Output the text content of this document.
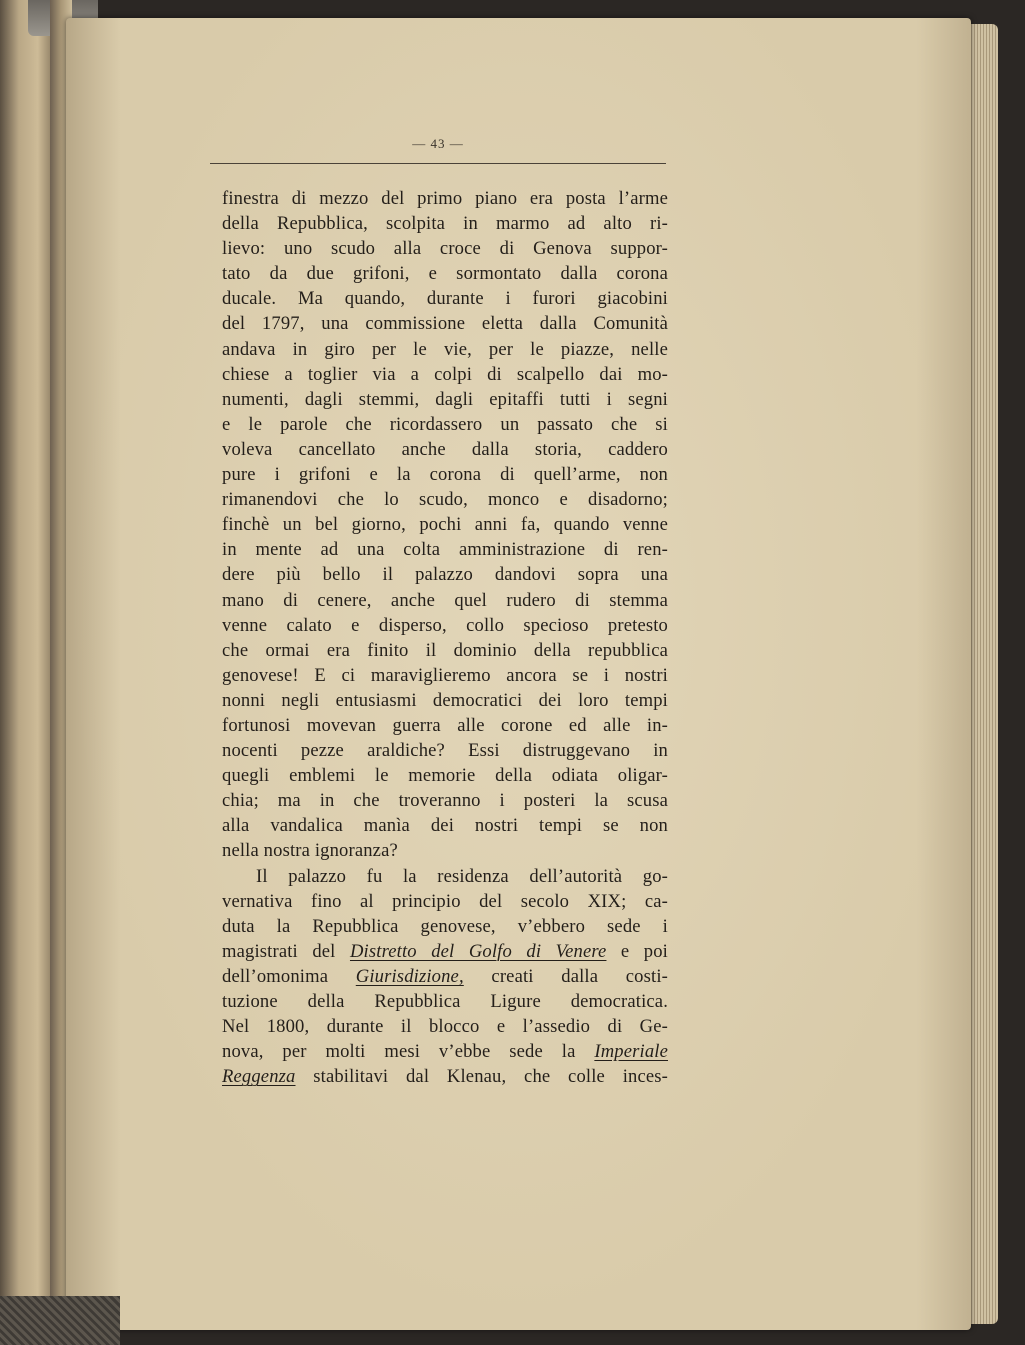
— 43 —
finestra di mezzo del primo piano era posta l’arme
della Repubblica, scolpita in marmo ad alto ri-
lievo: uno scudo alla croce di Genova suppor-
tato da due grifoni, e sormontato dalla corona
ducale. Ma quando, durante i furori giacobini
del 1797, una commissione eletta dalla Comunità
andava in giro per le vie, per le piazze, nelle
chiese a toglier via a colpi di scalpello dai mo-
numenti, dagli stemmi, dagli epitaffi tutti i segni
e le parole che ricordassero un passato che si
voleva cancellato anche dalla storia, caddero
pure i grifoni e la corona di quell’arme, non
rimanendovi che lo scudo, monco e disadorno;
finchè un bel giorno, pochi anni fa, quando venne
in mente ad una colta amministrazione di ren-
dere più bello il palazzo dandovi sopra una
mano di cenere, anche quel rudero di stemma
venne calato e disperso, collo specioso pretesto
che ormai era finito il dominio della repubblica
genovese! E ci maraviglieremo ancora se i nostri
nonni negli entusiasmi democratici dei loro tempi
fortunosi movevan guerra alle corone ed alle in-
nocenti pezze araldiche? Essi distruggevano in
quegli emblemi le memorie della odiata oligar-
chia; ma in che troveranno i posteri la scusa
alla vandalica manìa dei nostri tempi se non
nella nostra ignoranza?
Il palazzo fu la residenza dell’autorità go-
vernativa fino al principio del secolo XIX; ca-
duta la Repubblica genovese, v’ebbero sede i
magistrati del Distretto del Golfo di Venere e poi
dell’omonima Giurisdizione, creati dalla costi-
tuzione della Repubblica Ligure democratica.
Nel 1800, durante il blocco e l’assedio di Ge-
nova, per molti mesi v’ebbe sede la Imperiale
Reggenza stabilitavi dal Klenau, che colle inces-
